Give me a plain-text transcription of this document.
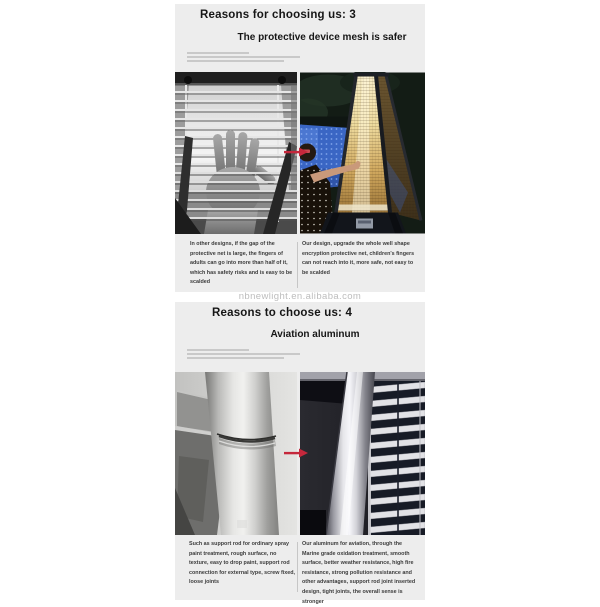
Reasons for choosing us: 3
The protective device mesh is safer
In other designs, if the gap of the protective net is large, the fingers of adults can go into more than half of it, which has safety risks and is easy to be scalded
Our design, upgrade the whole well shape encryption protective net, children's fingers can not reach into it, more safe, not easy to be scalded
nbnewlight.en.alibaba.com
Reasons to choose us: 4
Aviation aluminum
Such as support rod for ordinary spray paint treatment, rough surface, no texture, easy to drop paint, support rod connection for external type, screw fixed, loose joints
Our aluminum for aviation, through the Marine grade oxidation treatment, smooth surface, better weather resistance, high fire resistance, strong pollution resistance and other advantages, support rod joint inserted design, tight joints, the overall sense is stronger
